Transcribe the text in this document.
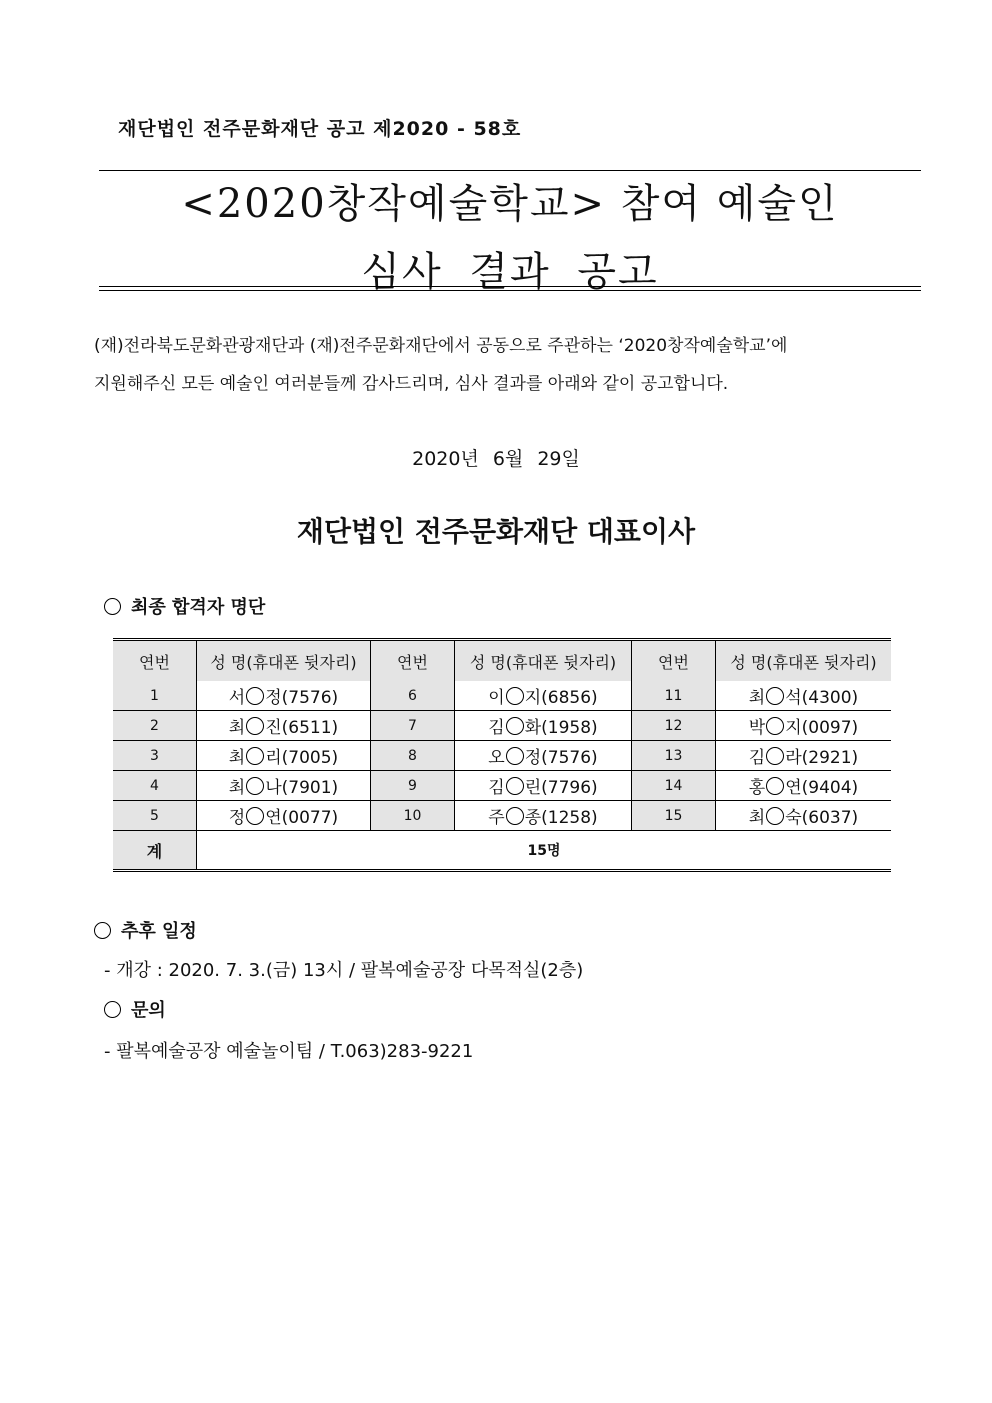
재단법인 전주문화재단 공고 제2020 - 58호
<2020창작예술학교> 참여 예술인
심사 결과 공고
(재)전라북도문화관광재단과 (재)전주문화재단에서 공동으로 주관하는 ‘2020창작예술학교’에
지원해주신 모든 예술인 여러분들께 감사드리며, 심사 결과를 아래와 같이 공고합니다.
2020년 6월 29일
재단법인 전주문화재단 대표이사
최종 합격자 명단
연번	성 명(휴대폰 뒷자리)	연번	성 명(휴대폰 뒷자리)	연번	성 명(휴대폰 뒷자리)
1	서 정(7576)	6	이 지(6856)	11	최 석(4300)
2	최 진(6511)	7	김 화(1958)	12	박 지(0097)
3	최 리(7005)	8	오 정(7576)	13	김 라(2921)
4	최 나(7901)	9	김 린(7796)	14	홍 연(9404)
5	정 연(0077)	10	주 종(1258)	15	최 숙(6037)
계	15명				
추후 일정
- 개강 : 2020. 7. 3.(금) 13시 / 팔복예술공장 다목적실(2층)
문의
- 팔복예술공장 예술놀이팀 / T.063)283-9221
